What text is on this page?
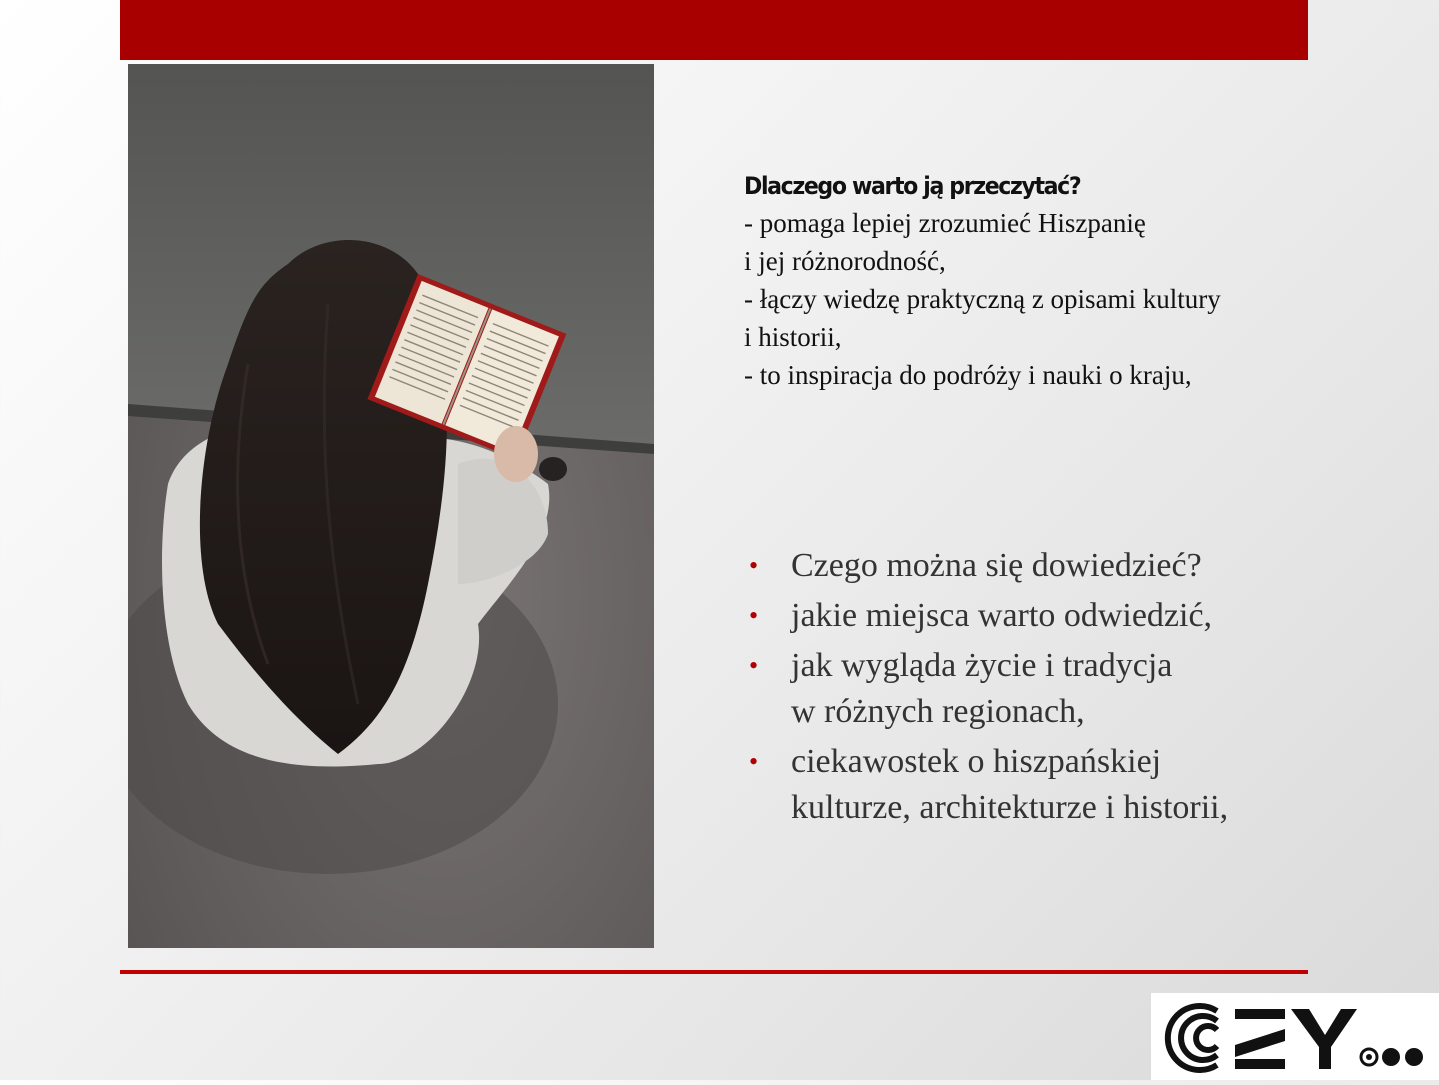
Dlaczego warto ją przeczytać?
- pomaga lepiej zrozumieć Hiszpanię
i jej różnorodność,
- łączy wiedzę praktyczną z opisami kultury
i historii,
- to inspiracja do podróży i nauki o kraju,
• Czego można się dowiedzieć?
• jakie miejsca warto odwiedzić,
• jak wygląda życie i tradycja
w różnych regionach,
• ciekawostek o hiszpańskiej
kulturze, architekturze i historii,
